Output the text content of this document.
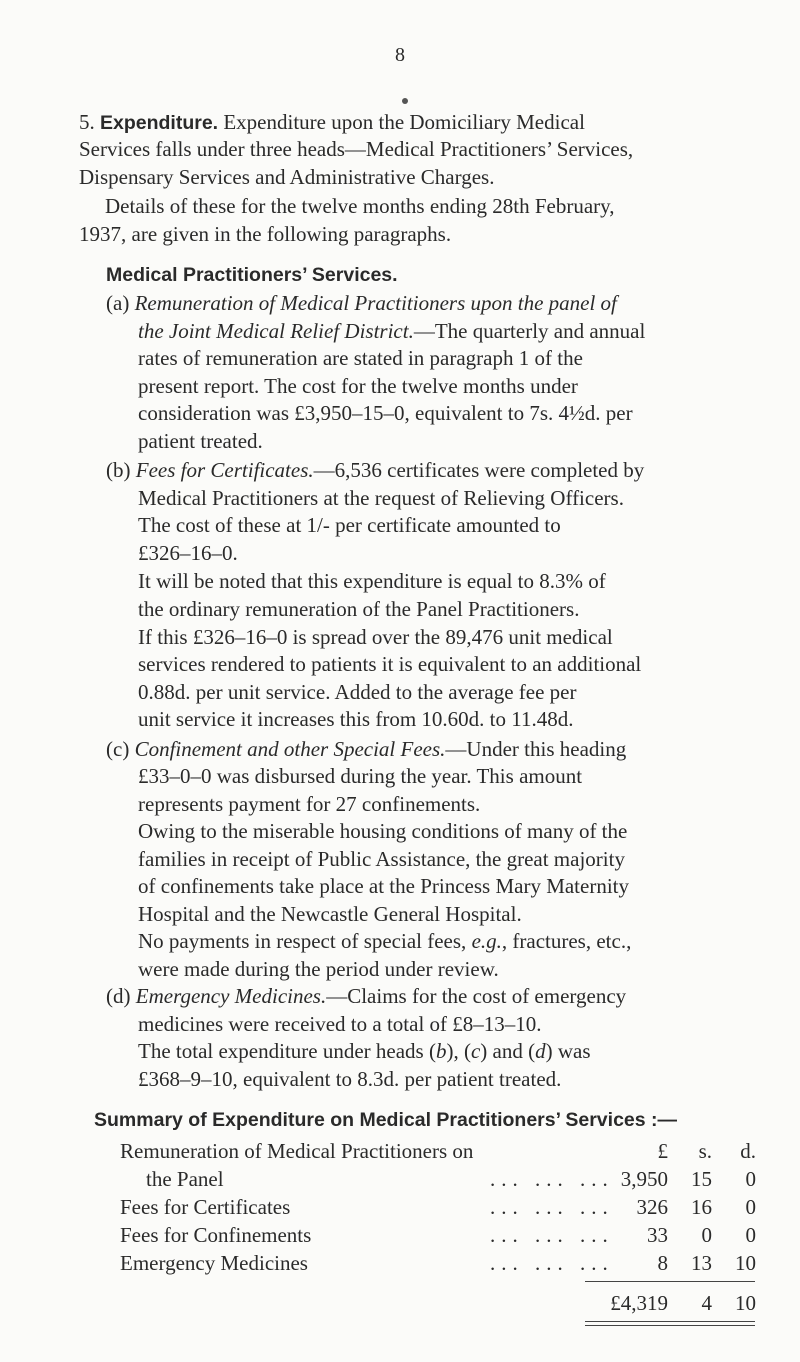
8
5. Expenditure. Expenditure upon the Domiciliary Medical
Services falls under three heads—Medical Practitioners’ Services,
Dispensary Services and Administrative Charges.
Details of these for the twelve months ending 28th February,
1937, are given in the following paragraphs.
Medical Practitioners’ Services.
(a) Remuneration of Medical Practitioners upon the panel of
the Joint Medical Relief District.—The quarterly and annual
rates of remuneration are stated in paragraph 1 of the
present report. The cost for the twelve months under
consideration was £3,950–15–0, equivalent to 7s. 4½d. per
patient treated.
(b) Fees for Certificates.—6,536 certificates were completed by
Medical Practitioners at the request of Relieving Officers.
The cost of these at 1/- per certificate amounted to
£326–16–0.
It will be noted that this expenditure is equal to 8.3% of
the ordinary remuneration of the Panel Practitioners.
If this £326–16–0 is spread over the 89,476 unit medical
services rendered to patients it is equivalent to an additional
0.88d. per unit service. Added to the average fee per
unit service it increases this from 10.60d. to 11.48d.
(c) Confinement and other Special Fees.—Under this heading
£33–0–0 was disbursed during the year. This amount
represents payment for 27 confinements.
Owing to the miserable housing conditions of many of the
families in receipt of Public Assistance, the great majority
of confinements take place at the Princess Mary Maternity
Hospital and the Newcastle General Hospital.
No payments in respect of special fees, e.g., fractures, etc.,
were made during the period under review.
(d) Emergency Medicines.—Claims for the cost of emergency
medicines were received to a total of £8–13–10.
The total expenditure under heads (b), (c) and (d) was
£368–9–10, equivalent to 8.3d. per patient treated.
Summary of Expenditure on Medical Practitioners’ Services :—
Remuneration of Medical Practitioners on	£	s.	d.
the Panel	... ... ... 3,950	15	0
Fees for Certificates	... ... ...	326	16	0
Fees for Confinements	... ... ...	33	0	0
Emergency Medicines	... ... ...	8	13	10
£4,319	4	10
